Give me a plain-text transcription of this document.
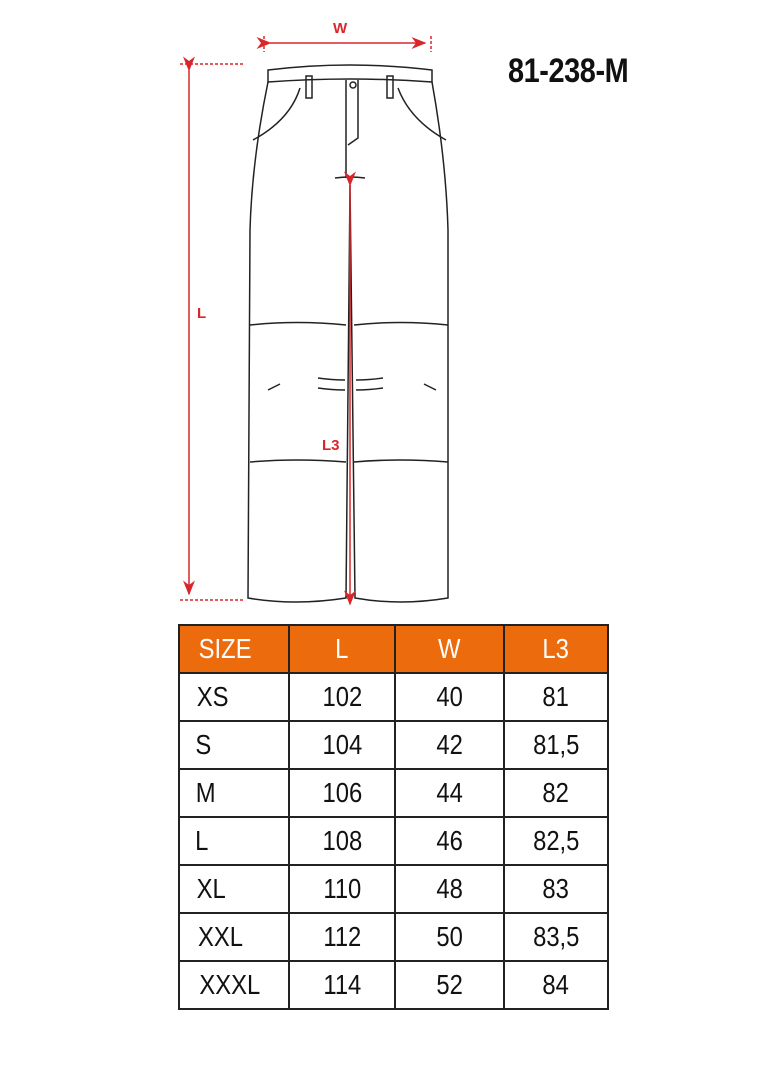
W
L
L3
81-238-M
SIZE	L	W	L3
XS	102	40	81
S	104	42	81,5
M	106	44	82
L	108	46	82,5
XL	110	48	83
XXL	112	50	83,5
XXXL	114	52	84
